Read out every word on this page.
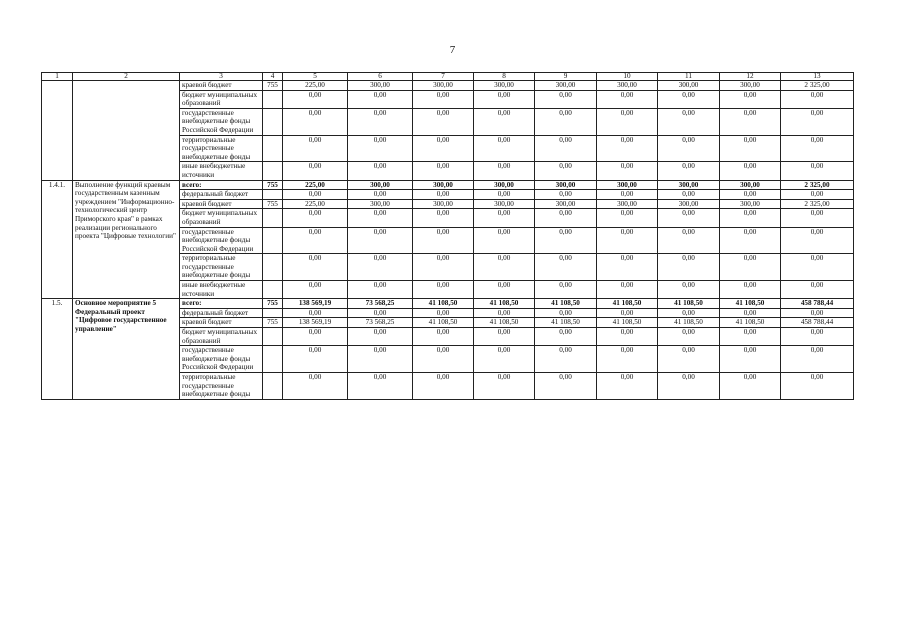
7
1	2	3	4	5	6	7	8	9	10	11	12	13
		краевой бюджет	755	225,00	300,00	300,00	300,00	300,00	300,00	300,00	300,00	2 325,00
		бюджет муниципальных образований		0,00	0,00	0,00	0,00	0,00	0,00	0,00	0,00	0,00
		государственные внебюджетные фонды Российской Федерации		0,00	0,00	0,00	0,00	0,00	0,00	0,00	0,00	0,00
		территориальные государственные внебюджетные фонды		0,00	0,00	0,00	0,00	0,00	0,00	0,00	0,00	0,00
		иные внебюджетные источники		0,00	0,00	0,00	0,00	0,00	0,00	0,00	0,00	0,00
1.4.1.	Выполнение функций краевым государственным казенным учреждением "Информационно-технологический центр Приморского края" в рамках реализации регионального проекта "Цифровые технологии"	всего:	755	225,00	300,00	300,00	300,00	300,00	300,00	300,00	300,00	2 325,00
		федеральный бюджет		0,00	0,00	0,00	0,00	0,00	0,00	0,00	0,00	0,00
		краевой бюджет	755	225,00	300,00	300,00	300,00	300,00	300,00	300,00	300,00	2 325,00
		бюджет муниципальных образований		0,00	0,00	0,00	0,00	0,00	0,00	0,00	0,00	0,00
		государственные внебюджетные фонды Российской Федерации		0,00	0,00	0,00	0,00	0,00	0,00	0,00	0,00	0,00
		территориальные государственные внебюджетные фонды		0,00	0,00	0,00	0,00	0,00	0,00	0,00	0,00	0,00
		иные внебюджетные источники		0,00	0,00	0,00	0,00	0,00	0,00	0,00	0,00	0,00
1.5.	Основное мероприятие 5 Федеральный проект "Цифровое государственное управление"	всего:	755	138 569,19	73 568,25	41 108,50	41 108,50	41 108,50	41 108,50	41 108,50	41 108,50	458 788,44
		федеральный бюджет		0,00	0,00	0,00	0,00	0,00	0,00	0,00	0,00	0,00
		краевой бюджет	755	138 569,19	73 568,25	41 108,50	41 108,50	41 108,50	41 108,50	41 108,50	41 108,50	458 788,44
		бюджет муниципальных образований		0,00	0,00	0,00	0,00	0,00	0,00	0,00	0,00	0,00
		государственные внебюджетные фонды Российской Федерации		0,00	0,00	0,00	0,00	0,00	0,00	0,00	0,00	0,00
		территориальные государственные внебюджетные фонды		0,00	0,00	0,00	0,00	0,00	0,00	0,00	0,00	0,00
